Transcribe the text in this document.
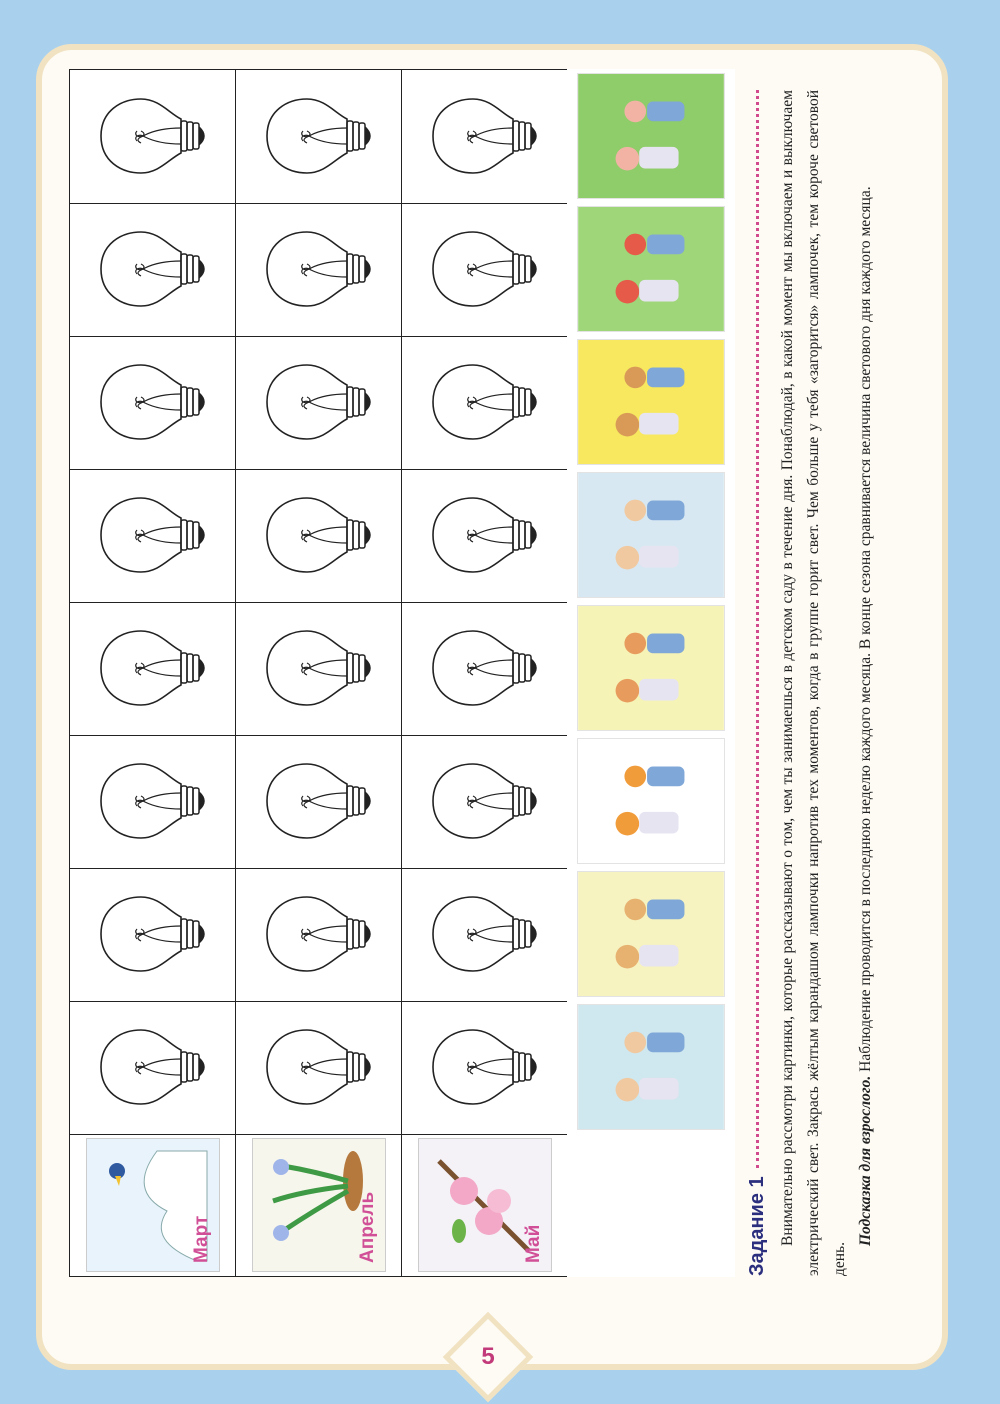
5
Март	Апрель	Май	Задание 1 Внимательно рассмотри картинки, которые рассказывают о том, чем ты занимаешься в детском саду в течение дня. Понаблюдай, в какой момент мы включаем и выключаем электрический свет. Закрась жёлтым карандашом лампочки напротив тех моментов, когда в группе горит свет. Чем больше у тебя «загорится» лампочек, тем короче световой день.

Подсказка для взрослого. Наблюдение проводится в последнюю неделю каждого месяца. В конце сезона сравнивается величина светового дня каждого месяца.
